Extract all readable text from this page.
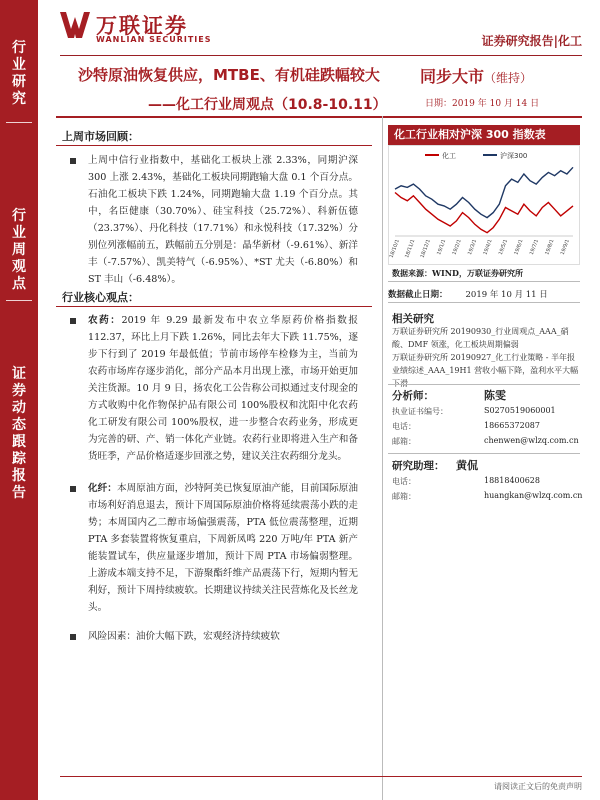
行
业
研
究
行
业
周
观
点
证
券
动
态
跟
踪
报
告
万联证券
WANLIAN SECURITIES	证券研究报告|化工
沙特原油恢复供应，MTBE、有机硅跌幅较大
——化工行业周观点（10.8-10.11）
同步大市（维持）
日期：2019 年 10 月 14 日
上周市场回顾：
上周中信行业指数中，基础化工板块上涨 2.33%，同期沪深 300 上涨 2.43%，基础化工板块同期跑输大盘 0.1 个百分点。石油化工板块下跌 1.24%，同期跑输大盘 1.19 个百分点。其中，名臣健康（30.70%）、硅宝科技（25.72%）、科新伍德（23.37%）、丹化科技（17.71%）和永悦科技（17.32%）分别位列涨幅前五，跌幅前五分别是：晶华新材（-9.61%）、新洋丰（-7.57%）、凯美特气（-6.95%）、*ST 尤夫（-6.80%）和 ST 丰山（-6.48%）。
行业核心观点：
农药：2019 年 9.29 最新发布中农立华原药价格指数报 112.37，环比上月下跌 1.26%，同比去年大下跌 11.75%，逐步下行到了 2019 年最低值；节前市场停车检修为主，当前为农药市场库存逐步消化，部分产品本月出现上涨，市场开始更加关注货源。10 月 9 日，扬农化工公告称公司拟通过支付现金的方式收购中化作物保护品有限公司 100%股权和沈阳中化农药化工研发有限公司 100%股权，进一步整合农药业务，形成更为完善的研、产、销一体化产业链。农药行业即将进入生产和备货旺季，产品价格适逐步回涨之势，建议关注农药细分龙头。
化纤：本周原油方面，沙特阿美已恢复原油产能，目前国际原油市场利好消息退去，预计下周国际原油价格将延续震荡小跌的走势；本周国内乙二醇市场偏强震荡，PTA 低位震荡整理，近期 PTA 多套装置将恢复重启，下周新凤鸣 220 万吨/年 PTA 新产能装置试车，供应量逐步增加，预计下周 PTA 市场偏弱整理。上游成本端支持不足，下游聚酯纤维产品震荡下行，短期内暂无利好，预计下周持续疲软。长期建议持续关注民营炼化及长丝龙头。
风险因素：油价大幅下跌，宏观经济持续疲软
化工行业相对沪深 300 指数表
化工	沪深300
18/10/1 18/11/1 18/12/1 19/1/1 19/2/1 19/3/1 19/4/1 19/5/1 19/6/1 19/7/1 19/8/1 19/9/1
数据来源：WIND，万联证券研究所
数据截止日期： 2019 年 10 月 11 日
相关研究
万联证券研究所 20190930_行业周观点_AAA_硝酸、DMF 领涨，化工板块周期偏弱
万联证券研究所 20190927_化工行业策略 - 半年报业绩综述_AAA_19H1 营收小幅下降，盈利水平大幅
分析师：	陈雯
执业证书编号：	S0270519060001
电话：	18665372087
邮箱：	chenwen@wlzq.com.cn
研究助理： 黄侃
电话：	18818400628
邮箱：	huangkan@wlzq.com.cn
请阅读正文后的免责声明
